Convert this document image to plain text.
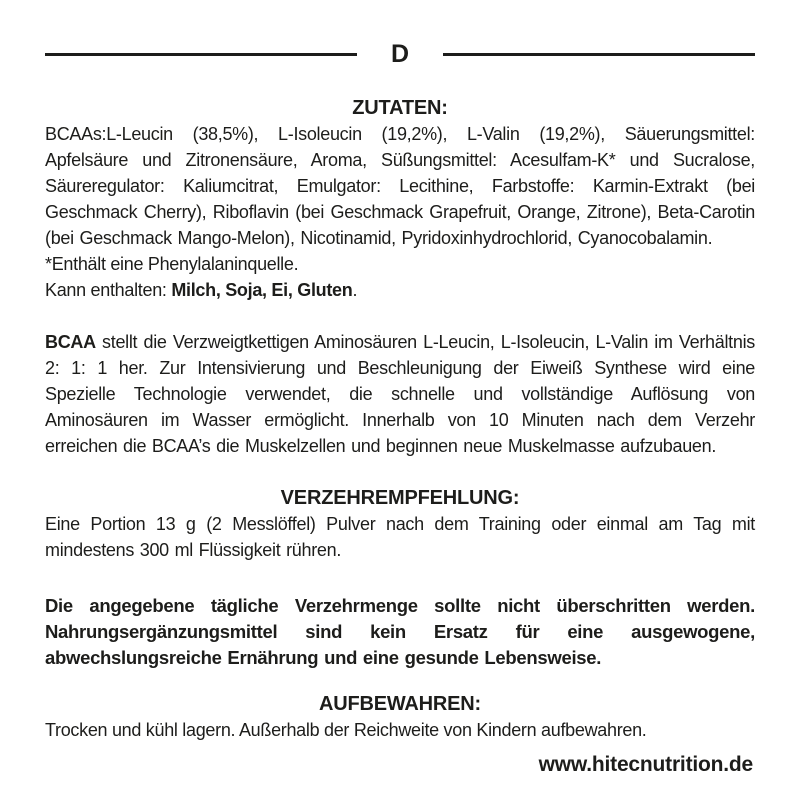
D
ZUTATEN:

BCAAs:L-Leucin (38,5%), L-Isoleucin (19,2%), L-Valin (19,2%), Säuerungsmittel: Apfelsäure und Zitronensäure, Aroma, Süßungsmittel: Acesulfam-K* und Sucralose, Säureregulator: Kaliumcitrat, Emulgator: Lecithine, Farbstoffe: Karmin-Extrakt (bei Geschmack Cherry), Riboflavin (bei Geschmack Grapefruit, Orange, Zitrone), Beta-Carotin (bei Geschmack Mango-Melon), Nicotinamid, Pyridoxinhydrochlorid, Cyanocobalamin.

*Enthält eine Phenylalaninquelle.

Kann enthalten: Milch, Soja, Ei, Gluten.

BCAA stellt die Verzweigtkettigen Aminosäuren L-Leucin, L-Isoleucin, L-Valin im Verhältnis 2: 1: 1 her. Zur Intensivierung und Beschleunigung der Eiweiß Synthese wird eine Spezielle Technologie verwendet, die schnelle und vollständige Auflösung von Aminosäuren im Wasser ermöglicht. Innerhalb von 10 Minuten nach dem Verzehr erreichen die BCAA’s die Muskelzellen und beginnen neue Muskelmasse aufzubauen.

VERZEHREMPFEHLUNG:

Eine Portion 13 g (2 Messlöffel) Pulver nach dem Training oder einmal am Tag mit mindestens 300 ml Flüssigkeit rühren.

Die angegebene tägliche Verzehrmenge sollte nicht überschritten werden. Nahrungsergänzungsmittel sind kein Ersatz für eine ausgewogene, abwechslungsreiche Ernährung und eine gesunde Lebensweise.

AUFBEWAHREN:

Trocken und kühl lagern. Außerhalb der Reichweite von Kindern aufbewahren.

www.hitecnutrition.de
